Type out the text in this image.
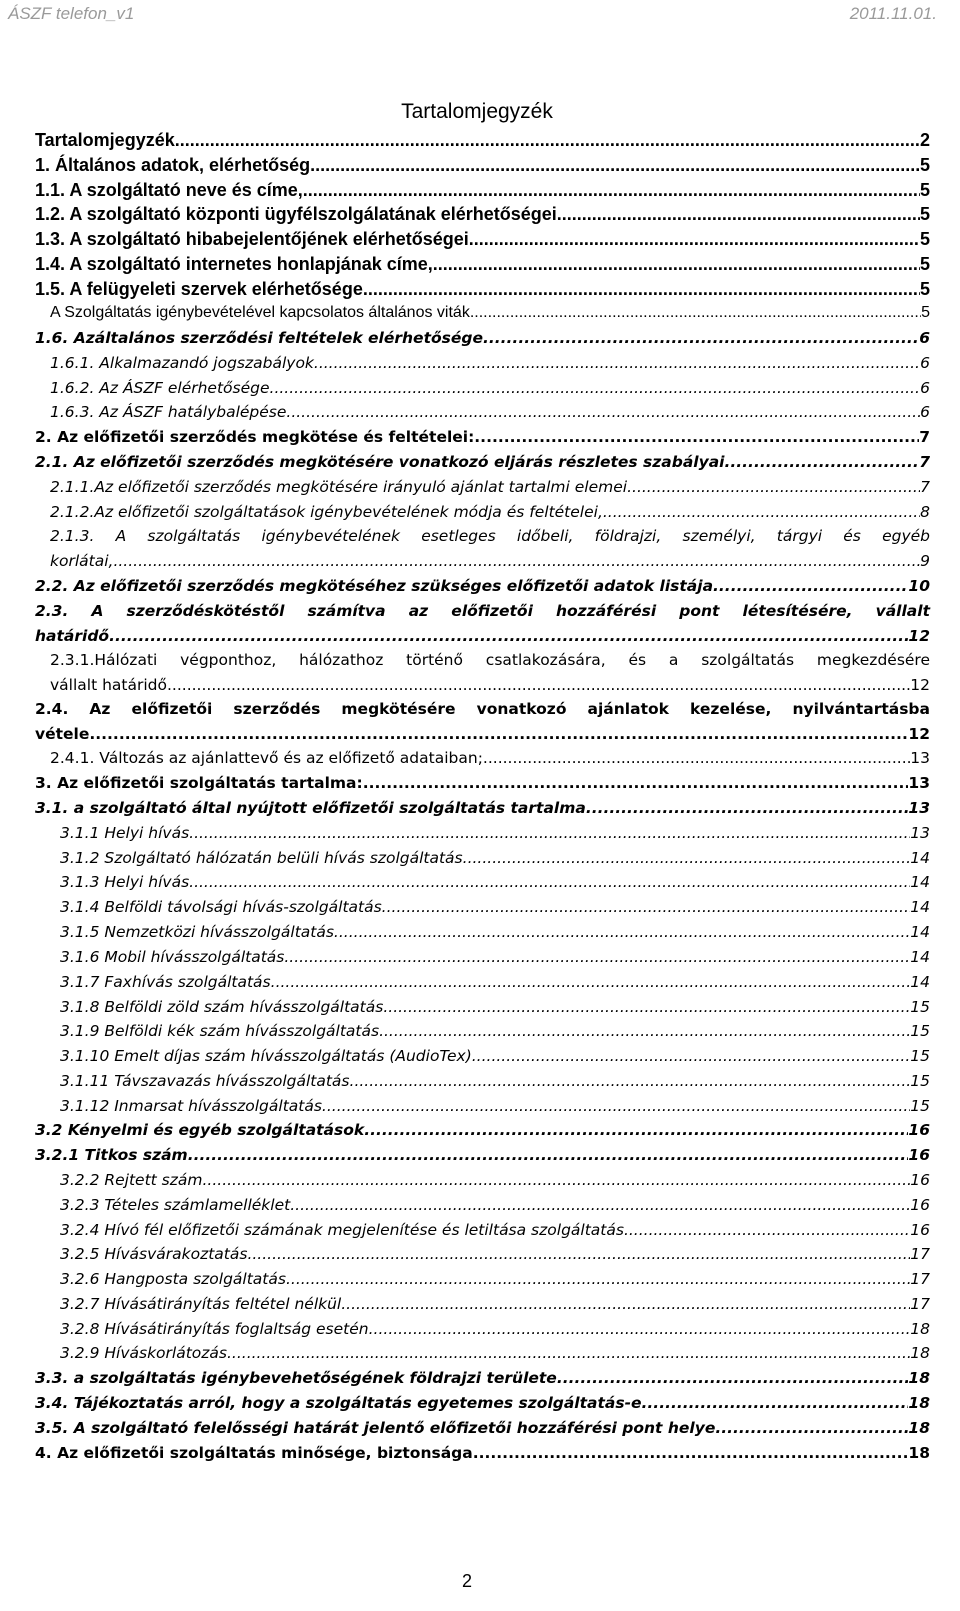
ÁSZF telefon_v1	2011.11.01.
Tartalomjegyzék
Tartalomjegyzék .....	2
1. Általános adatok, elérhetőség .....	5
1.1. A szolgáltató neve és címe, .....	5
1.2. A szolgáltató központi ügyfélszolgálatának elérhetőségei .....	5
1.3. A szolgáltató hibabejelentőjének elérhetőségei .....	5
1.4. A szolgáltató internetes honlapjának címe, .....	5
1.5. A felügyeleti szervek elérhetősége .....	5
A Szolgáltatás igénybevételével kapcsolatos általános viták .....	5
1.6. Azáltalános szerződési feltételek elérhetősége .....	6
1.6.1. Alkalmazandó jogszabályok .....	6
1.6.2. Az ÁSZF elérhetősége .....	6
1.6.3. Az ÁSZF hatálybalépése .....	6
2. Az előfizetői szerződés megkötése és feltételei: .....	7
2.1. Az előfizetői szerződés megkötésére vonatkozó eljárás részletes szabályai .....	7
2.1.1.Az előfizetői szerződés megkötésére irányuló ajánlat tartalmi elemei .....	7
2.1.2.Az előfizetői szolgáltatások igénybevételének módja és feltételei, .....	8
2.1.3. A szolgáltatás igénybevételének esetleges időbeli, földrajzi, személyi, tárgyi és egyéb
korlátai, .....	9
2.2. Az előfizetői szerződés megkötéséhez szükséges előfizetői adatok listája .....	10
2.3. A szerződéskötéstől számítva az előfizetői hozzáférési pont létesítésére, vállalt
határidő .....	12
2.3.1.Hálózati végponthoz, hálózathoz történő csatlakozására, és a szolgáltatás megkezdésére
vállalt határidő .....	12
2.4. Az előfizetői szerződés megkötésére vonatkozó ajánlatok kezelése, nyilvántartásba
vétele .....	12
2.4.1. Változás az ajánlattevő és az előfizető adataiban; .....	13
3. Az előfizetői szolgáltatás tartalma: .....	13
3.1. a szolgáltató által nyújtott előfizetői szolgáltatás tartalma .....	13
3.1.1 Helyi hívás. .....	13
3.1.2 Szolgáltató hálózatán belüli hívás szolgáltatás. .....	14
3.1.3 Helyi hívás. .....	14
3.1.4 Belföldi távolsági hívás-szolgáltatás. .....	14
3.1.5 Nemzetközi hívásszolgáltatás. .....	14
3.1.6 Mobil hívásszolgáltatás .....	14
3.1.7 Faxhívás szolgáltatás. .....	14
3.1.8 Belföldi zöld szám hívásszolgáltatás .....	15
3.1.9 Belföldi kék szám hívásszolgáltatás .....	15
3.1.10 Emelt díjas szám hívásszolgáltatás (AudioTex) .....	15
3.1.11 Távszavazás hívásszolgáltatás. .....	15
3.1.12 Inmarsat hívásszolgáltatás. .....	15
3.2 Kényelmi és egyéb szolgáltatások .....	16
3.2.1 Titkos szám .....	16
3.2.2 Rejtett szám .....	16
3.2.3 Tételes számlamelléklet. .....	16
3.2.4 Hívó fél előfizetői számának megjelenítése és letiltása szolgáltatás .....	16
3.2.5 Hívásvárakoztatás .....	17
3.2.6 Hangposta szolgáltatás. .....	17
3.2.7 Hívásátirányítás feltétel nélkül .....	17
3.2.8 Hívásátirányítás foglaltság esetén .....	18
3.2.9 Híváskorlátozás. .....	18
3.3. a szolgáltatás igénybevehetőségének földrajzi területe .....	18
3.4. Tájékoztatás arról, hogy a szolgáltatás egyetemes szolgáltatás-e. .....	18
3.5. A szolgáltató felelősségi határát jelentő előfizetői hozzáférési pont helye .....	18
4. Az előfizetői szolgáltatás minősége, biztonsága .....	18
2
